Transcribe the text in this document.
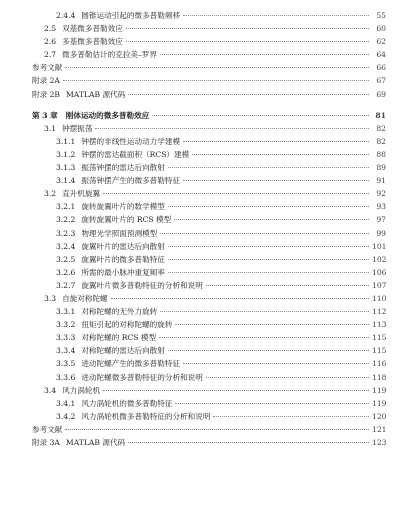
2.4.4 圆锥运动引起的微多普勒频移	55
2.5 双基微多普勒效应	60
2.6 多基微多普勒效应	62
2.7 微多普勒估计的克拉美–罗界	64
参考文献	66
附录 2A	67
附录 2B MATLAB 源代码	69
第 3 章 刚体运动的微多普勒效应	81
3.1 钟摆振荡	82
3.1.1 钟摆的非线性运动动力学建模	82
3.1.2 钟摆的雷达截面积（RCS）建模	88
3.1.3 振荡钟摆的雷达后向散射	89
3.1.4 振荡钟摆产生的微多普勒特征	91
3.2 直升机旋翼	92
3.2.1 旋转旋翼叶片的数学模型	93
3.2.2 旋转旋翼叶片的 RCS 模型	97
3.2.3 物理光学照面预测模型	99
3.2.4 旋翼叶片的雷达后向散射	101
3.2.5 旋翼叶片的微多普勒特征	102
3.2.6 所需的最小脉冲重复频率	106
3.2.7 旋翼叶片微多普勒特征的分析和说明	107
3.3 自旋对称陀螺	110
3.3.1 对称陀螺的无外力旋转	112
3.3.2 扭矩引起的对称陀螺的旋转	113
3.3.3 对称陀螺的 RCS 模型	115
3.3.4 对称陀螺的雷达后向散射	115
3.3.5 进动陀螺产生的微多普勒特征	116
3.3.6 进动陀螺微多普勒特征的分析和说明	118
3.4 风力涡轮机	119
3.4.1 风力涡轮机的微多普勒特征	119
3.4.2 风力涡轮机微多普勒特征的分析和说明	120
参考文献	121
附录 3A MATLAB 源代码	123
